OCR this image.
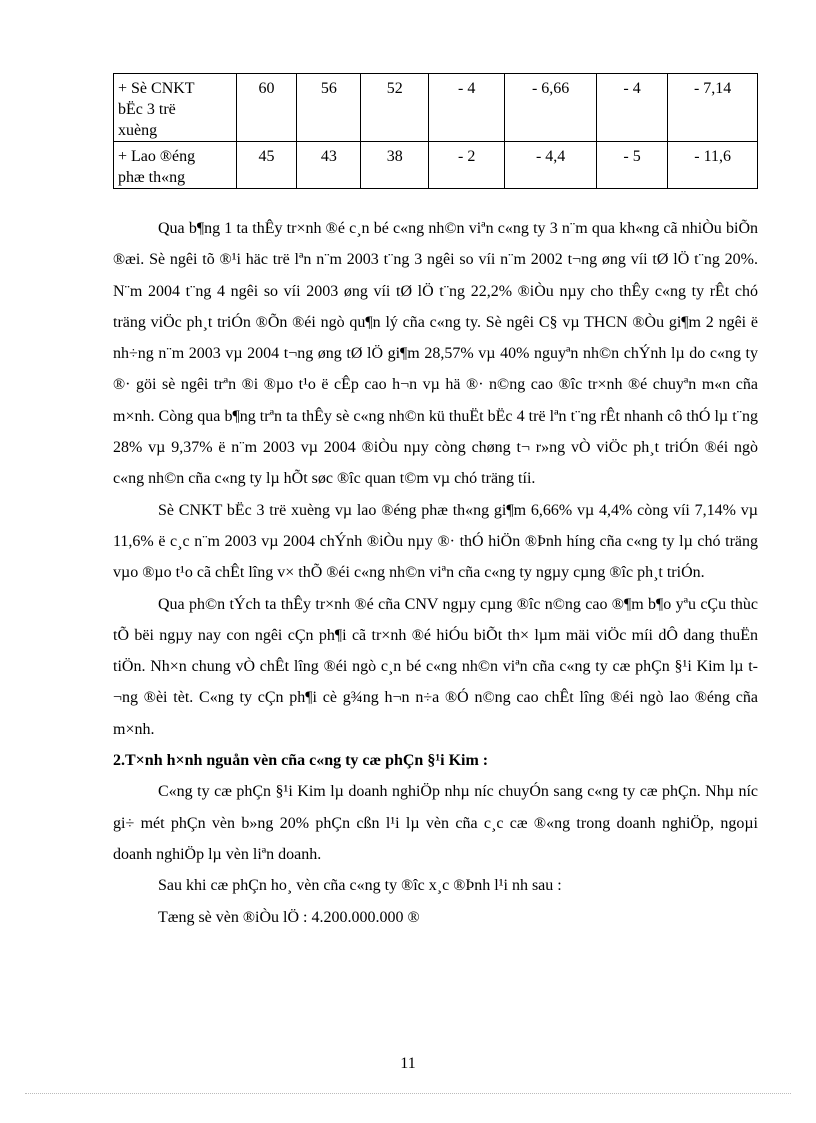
+ Sè CNKT
bËc 3 trë
xuèng	60	56	52	- 4	- 6,66	- 4	- 7,14
+ Lao ®éng
phæ th«ng	45	43	38	- 2	- 4,4	- 5	- 11,6

Qua b¶ng 1 ta thÊy tr×nh ®é c¸n bé c«ng nh©n viªn c«ng ty 3 n¨m qua kh«ng cã nhiÒu biÕn ®æi. Sè ngêi tõ ®¹i häc trë lªn n¨m 2003 t¨ng 3 ngêi so víi n¨m 2002 t¬ng øng víi tØ lÖ t¨ng 20%. N¨m 2004 t¨ng 4 ngêi so víi 2003 øng víi tØ lÖ t¨ng 22,2% ®iÒu nµy cho thÊy c«ng ty rÊt chó träng viÖc ph¸t triÓn ®Õn ®éi ngò qu¶n lý cña c«ng ty. Sè ngêi C§ vµ THCN ®Òu gi¶m 2 ngêi ë nh÷ng n¨m 2003 vµ 2004 t¬ng øng tØ lÖ gi¶m 28,57% vµ 40% nguyªn nh©n chÝnh lµ do c«ng ty ®· göi sè ngêi trªn ®i ®µo t¹o ë cÊp cao h¬n vµ hä ®· n©ng cao ®îc tr×nh ®é chuyªn m«n cña m×nh. Còng qua b¶ng trªn ta thÊy sè c«ng nh©n kü thuËt bËc 4 trë lªn t¨ng rÊt nhanh cô thÓ lµ t¨ng 28% vµ 9,37% ë n¨m 2003 vµ 2004 ®iÒu nµy còng chøng t¬ r»ng vÒ viÖc ph¸t triÓn ®éi ngò c«ng nh©n cña c«ng ty lµ hÕt søc ®îc quan t©m vµ chó träng tíi.

Sè CNKT bËc 3 trë xuèng vµ lao ®éng phæ th«ng gi¶m 6,66% vµ 4,4% còng víi 7,14% vµ 11,6% ë c¸c n¨m 2003 vµ 2004 chÝnh ®iÒu nµy ®· thÓ hiÖn ®Þnh híng cña c«ng ty lµ chó träng vµo ®µo t¹o cã chÊt lîng v× thÕ ®éi c«ng nh©n viªn cña c«ng ty ngµy cµng ®îc ph¸t triÓn.

Qua ph©n tÝch ta thÊy tr×nh ®é cña CNV ngµy cµng ®îc n©ng cao ®¶m b¶o yªu cÇu thùc tÕ bëi ngµy nay con ngêi cÇn ph¶i cã tr×nh ®é hiÓu biÕt th× lµm mäi viÖc míi dÔ dang thuËn tiÖn. Nh×n chung vÒ chÊt lîng ®éi ngò c¸n bé c«ng nh©n viªn cña c«ng ty cæ phÇn §¹i Kim lµ t¬ng ®èi tèt. C«ng ty cÇn ph¶i cè g¾ng h¬n n÷a ®Ó n©ng cao chÊt lîng ®éi ngò lao ®éng cña m×nh.

2.T×nh h×nh nguån vèn cña c«ng ty cæ phÇn §¹i Kim :

C«ng ty cæ phÇn §¹i Kim lµ doanh nghiÖp nhµ níc chuyÓn sang c«ng ty cæ phÇn. Nhµ níc gi÷ mét phÇn vèn b»ng 20% phÇn cßn l¹i lµ vèn cña c¸c cæ ®«ng trong doanh nghiÖp, ngoµi doanh nghiÖp lµ vèn liªn doanh.

Sau khi cæ phÇn ho¸ vèn cña c«ng ty ®îc x¸c ®Þnh l¹i nh sau :

Tæng sè vèn ®iÒu lÖ : 4.200.000.000 ®

11
